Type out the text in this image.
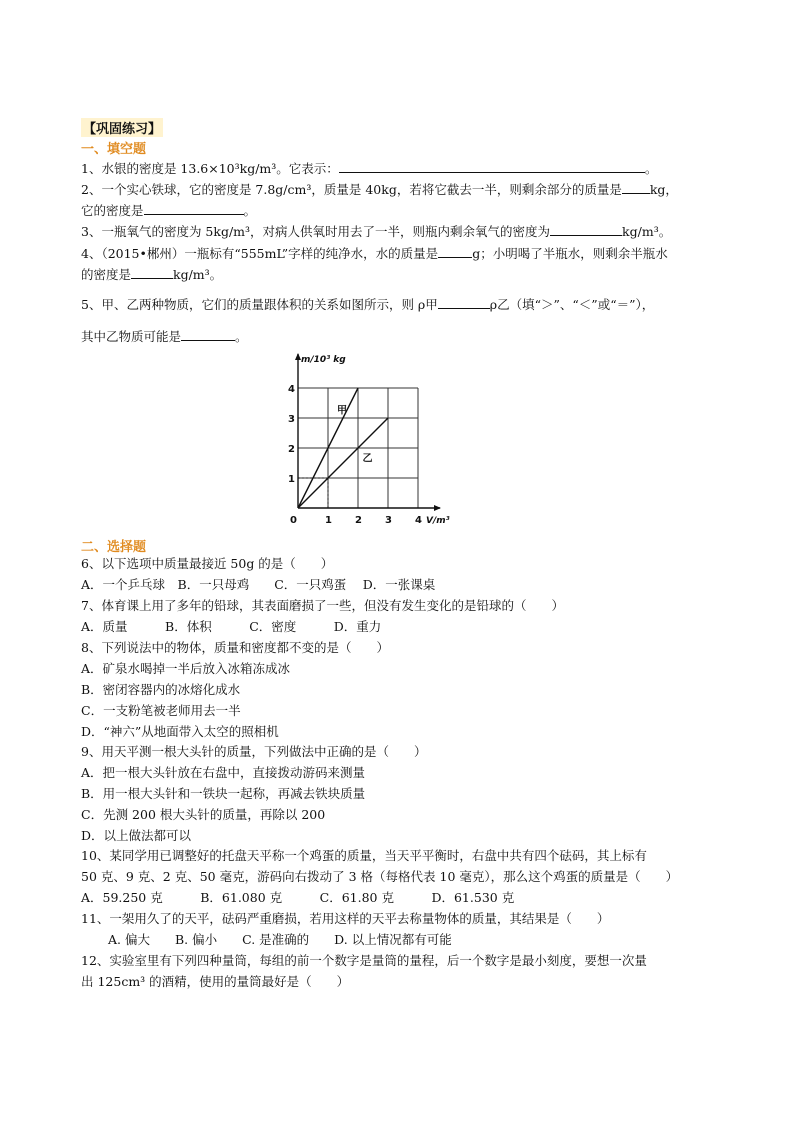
【巩固练习】
一、填空题
1、水银的密度是 13.6×10³kg/m³。它表示：	。
2、一个实心铁球，它的密度是 7.8g/cm³，质量是 40kg，若将它截去一半，则剩余部分的质量是 kg，
它的密度是	。
3、一瓶氧气的密度为 5kg/m³，对病人供氧时用去了一半，则瓶内剩余氧气的密度为	kg/m³。
4、（2015•郴州）一瓶标有“555mL”字样的纯净水，水的质量是	g；小明喝了半瓶水，则剩余半瓶水
的密度是	kg/m³。
5、甲、乙两种物质，它们的质量跟体积的关系如图所示，则 ρ甲	ρ乙（填“＞”、“＜”或“＝”），
其中乙物质可能是	。
0	1 2 3 4
1
2
3
4
m/10³ kg
V/m³
甲
乙
二、选择题
6、以下选项中质量最接近 50g 的是（　　）
A．一个乒乓球　B．一只母鸡　　C．一只鸡蛋　 D．一张课桌
7、体育课上用了多年的铅球，其表面磨损了一些，但没有发生变化的是铅球的（　　）
A．质量　　　B．体积　　　C．密度　　　D．重力
8、下列说法中的物体，质量和密度都不变的是（　　）
A．矿泉水喝掉一半后放入冰箱冻成冰
B．密闭容器内的冰熔化成水
C．一支粉笔被老师用去一半
D．“神六”从地面带入太空的照相机
9、用天平测一根大头针的质量，下列做法中正确的是（　　）
A．把一根大头针放在右盘中，直接拨动游码来测量
B．用一根大头针和一铁块一起称，再减去铁块质量
C．先测 200 根大头针的质量，再除以 200
D．以上做法都可以
10、某同学用已调整好的托盘天平称一个鸡蛋的质量，当天平平衡时，右盘中共有四个砝码，其上标有
50 克、9 克、2 克、50 毫克，游码向右拨动了 3 格（每格代表 10 毫克），那么这个鸡蛋的质量是（　　）
A．59.250 克　　　B．61.080 克　　　C．61.80 克　　　D．61.530 克
11、一架用久了的天平，砝码严重磨损，若用这样的天平去称量物体的质量，其结果是（　　）
A. 偏大　　B. 偏小　　C. 是准确的　　D. 以上情况都有可能
12、实验室里有下列四种量筒，每组的前一个数字是量筒的量程，后一个数字是最小刻度，要想一次量
出 125cm³ 的酒精，使用的量筒最好是（　　）
